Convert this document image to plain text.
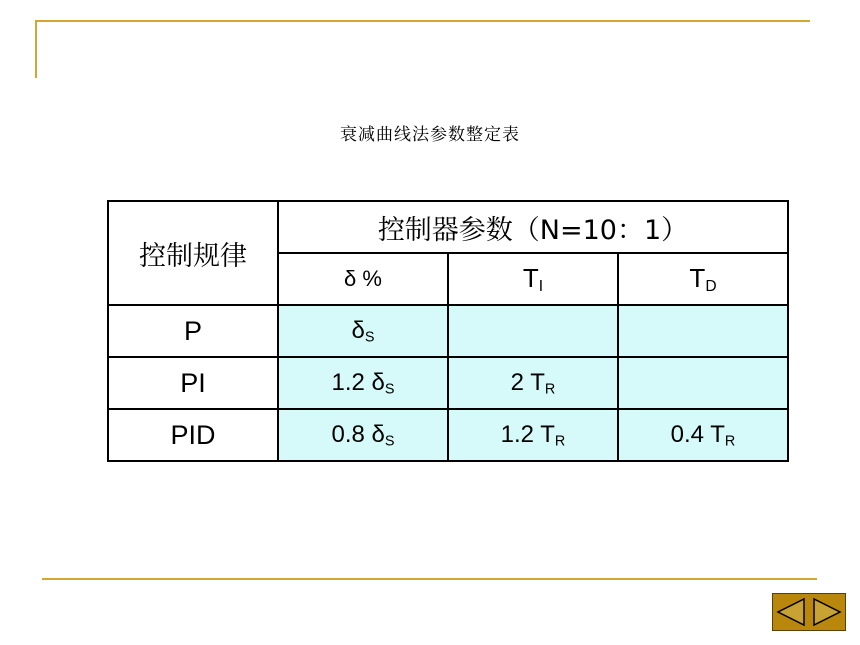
衰减曲线法参数整定表
控制规律	控制器参数（N=10：1）		
	δ %	$T_I$	$T_D$
P	$\delta_S$		
PI	1.2 $\delta_S$	2 $T_R$	
PID	0.8 $\delta_S$	1.2 $T_R$	0.4 $T_R$
